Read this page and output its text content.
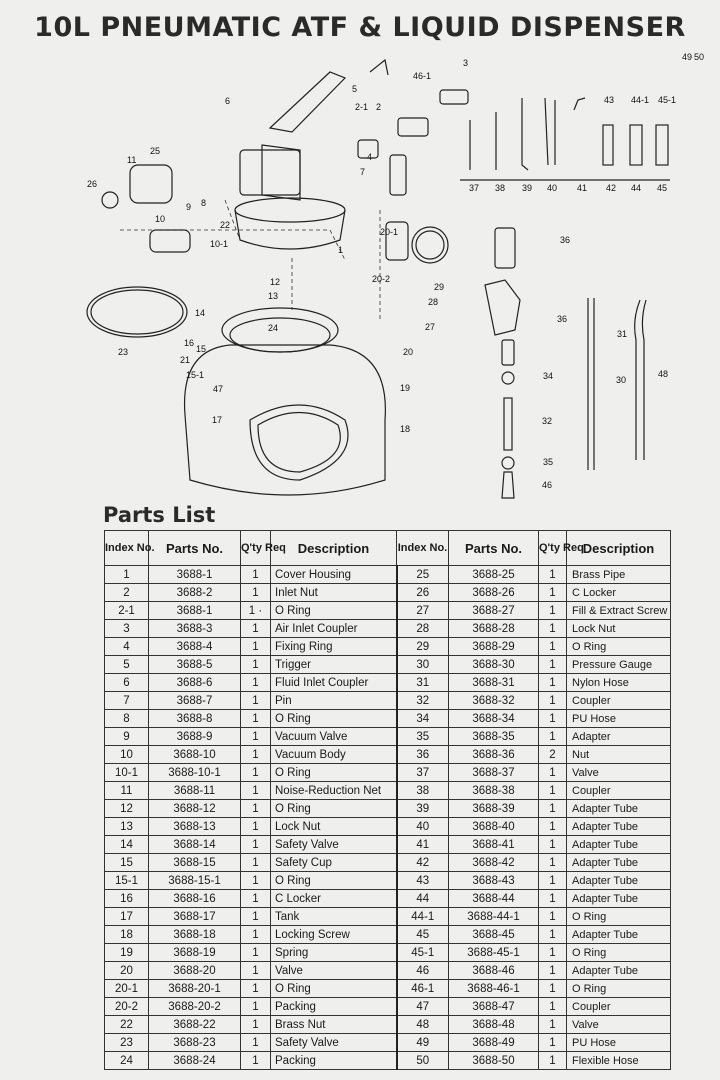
10L PNEUMATIC ATF & LIQUID DISPENSER
1
2
2-1
3
4
5
6
7
8
9
10
10-1
11
12
13
14
15
15-1
16
17
18
19
20
20-1
20-2
21
22
23
24
25
26
27
28
29
30
31
32
34
35
36
36
37 38 39 40 41 42
43
44
44-1
45
45-1
46
46-1
47
48
49 50
Parts List
Index No.	Parts No.	Q'ty Req	Description	Index No.	Parts No.	Q'ty Req	Description
1	3688-1	1	Cover Housing	25	3688-25	1	Brass Pipe
2	3688-2	1	Inlet Nut	26	3688-26	1	C Locker
2-1	3688-1	1 ·	O Ring	27	3688-27	1	Fill & Extract Screw
3	3688-3	1	Air Inlet Coupler	28	3688-28	1	Lock Nut
4	3688-4	1	Fixing Ring	29	3688-29	1	O Ring
5	3688-5	1	Trigger	30	3688-30	1	Pressure Gauge
6	3688-6	1	Fluid Inlet Coupler	31	3688-31	1	Nylon Hose
7	3688-7	1	Pin	32	3688-32	1	Coupler
8	3688-8	1	O Ring	34	3688-34	1	PU Hose
9	3688-9	1	Vacuum Valve	35	3688-35	1	Adapter
10	3688-10	1	Vacuum Body	36	3688-36	2	Nut
10-1	3688-10-1	1	O Ring	37	3688-37	1	Valve
11	3688-11	1	Noise-Reduction Net	38	3688-38	1	Coupler
12	3688-12	1	O Ring	39	3688-39	1	Adapter Tube
13	3688-13	1	Lock Nut	40	3688-40	1	Adapter Tube
14	3688-14	1	Safety Valve	41	3688-41	1	Adapter Tube
15	3688-15	1	Safety Cup	42	3688-42	1	Adapter Tube
15-1	3688-15-1	1	O Ring	43	3688-43	1	Adapter Tube
16	3688-16	1	C Locker	44	3688-44	1	Adapter Tube
17	3688-17	1	Tank	44-1	3688-44-1	1	O Ring
18	3688-18	1	Locking Screw	45	3688-45	1	Adapter Tube
19	3688-19	1	Spring	45-1	3688-45-1	1	O Ring
20	3688-20	1	Valve	46	3688-46	1	Adapter Tube
20-1	3688-20-1	1	O Ring	46-1	3688-46-1	1	O Ring
20-2	3688-20-2	1	Packing	47	3688-47	1	Coupler
22	3688-22	1	Brass Nut	48	3688-48	1	Valve
23	3688-23	1	Safety Valve	49	3688-49	1	PU Hose
24	3688-24	1	Packing	50	3688-50	1	Flexible Hose
